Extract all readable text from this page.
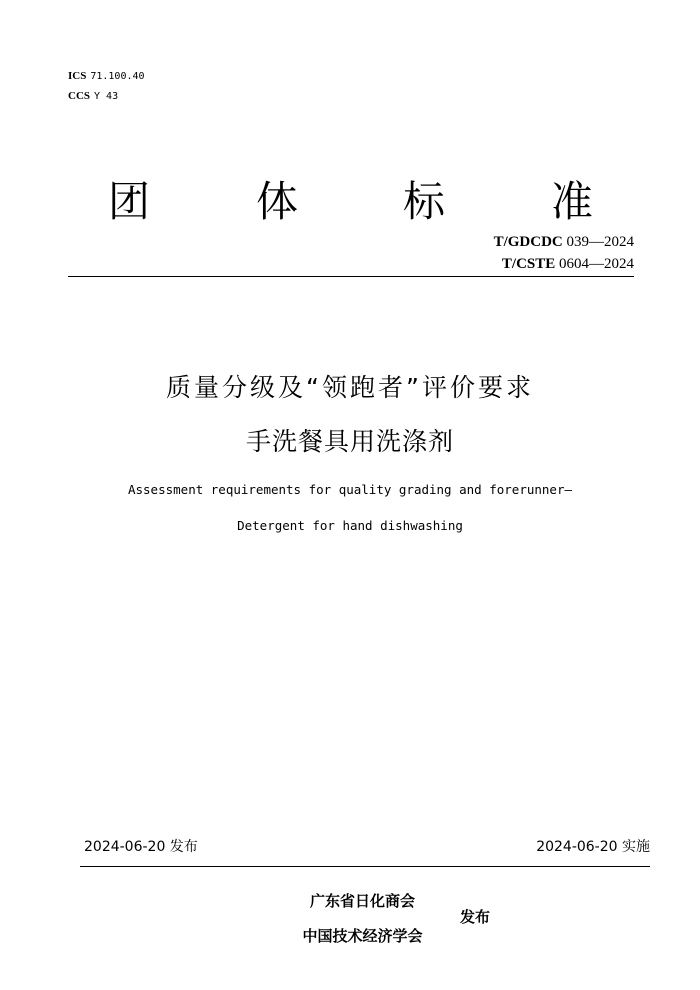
ICS 71.100.40
CCS Y 43
团	体 标	准
T/GDCDC 039—2024
T/CSTE 0604—2024
质量分级及“领跑者”评价要求
手洗餐具用洗涤剂
Assessment requirements for quality grading and forerunner—
Detergent for hand dishwashing
2024-06-20 发布	2024-06-20 实施
广东省日化商会
中国技术经济学会
发布
